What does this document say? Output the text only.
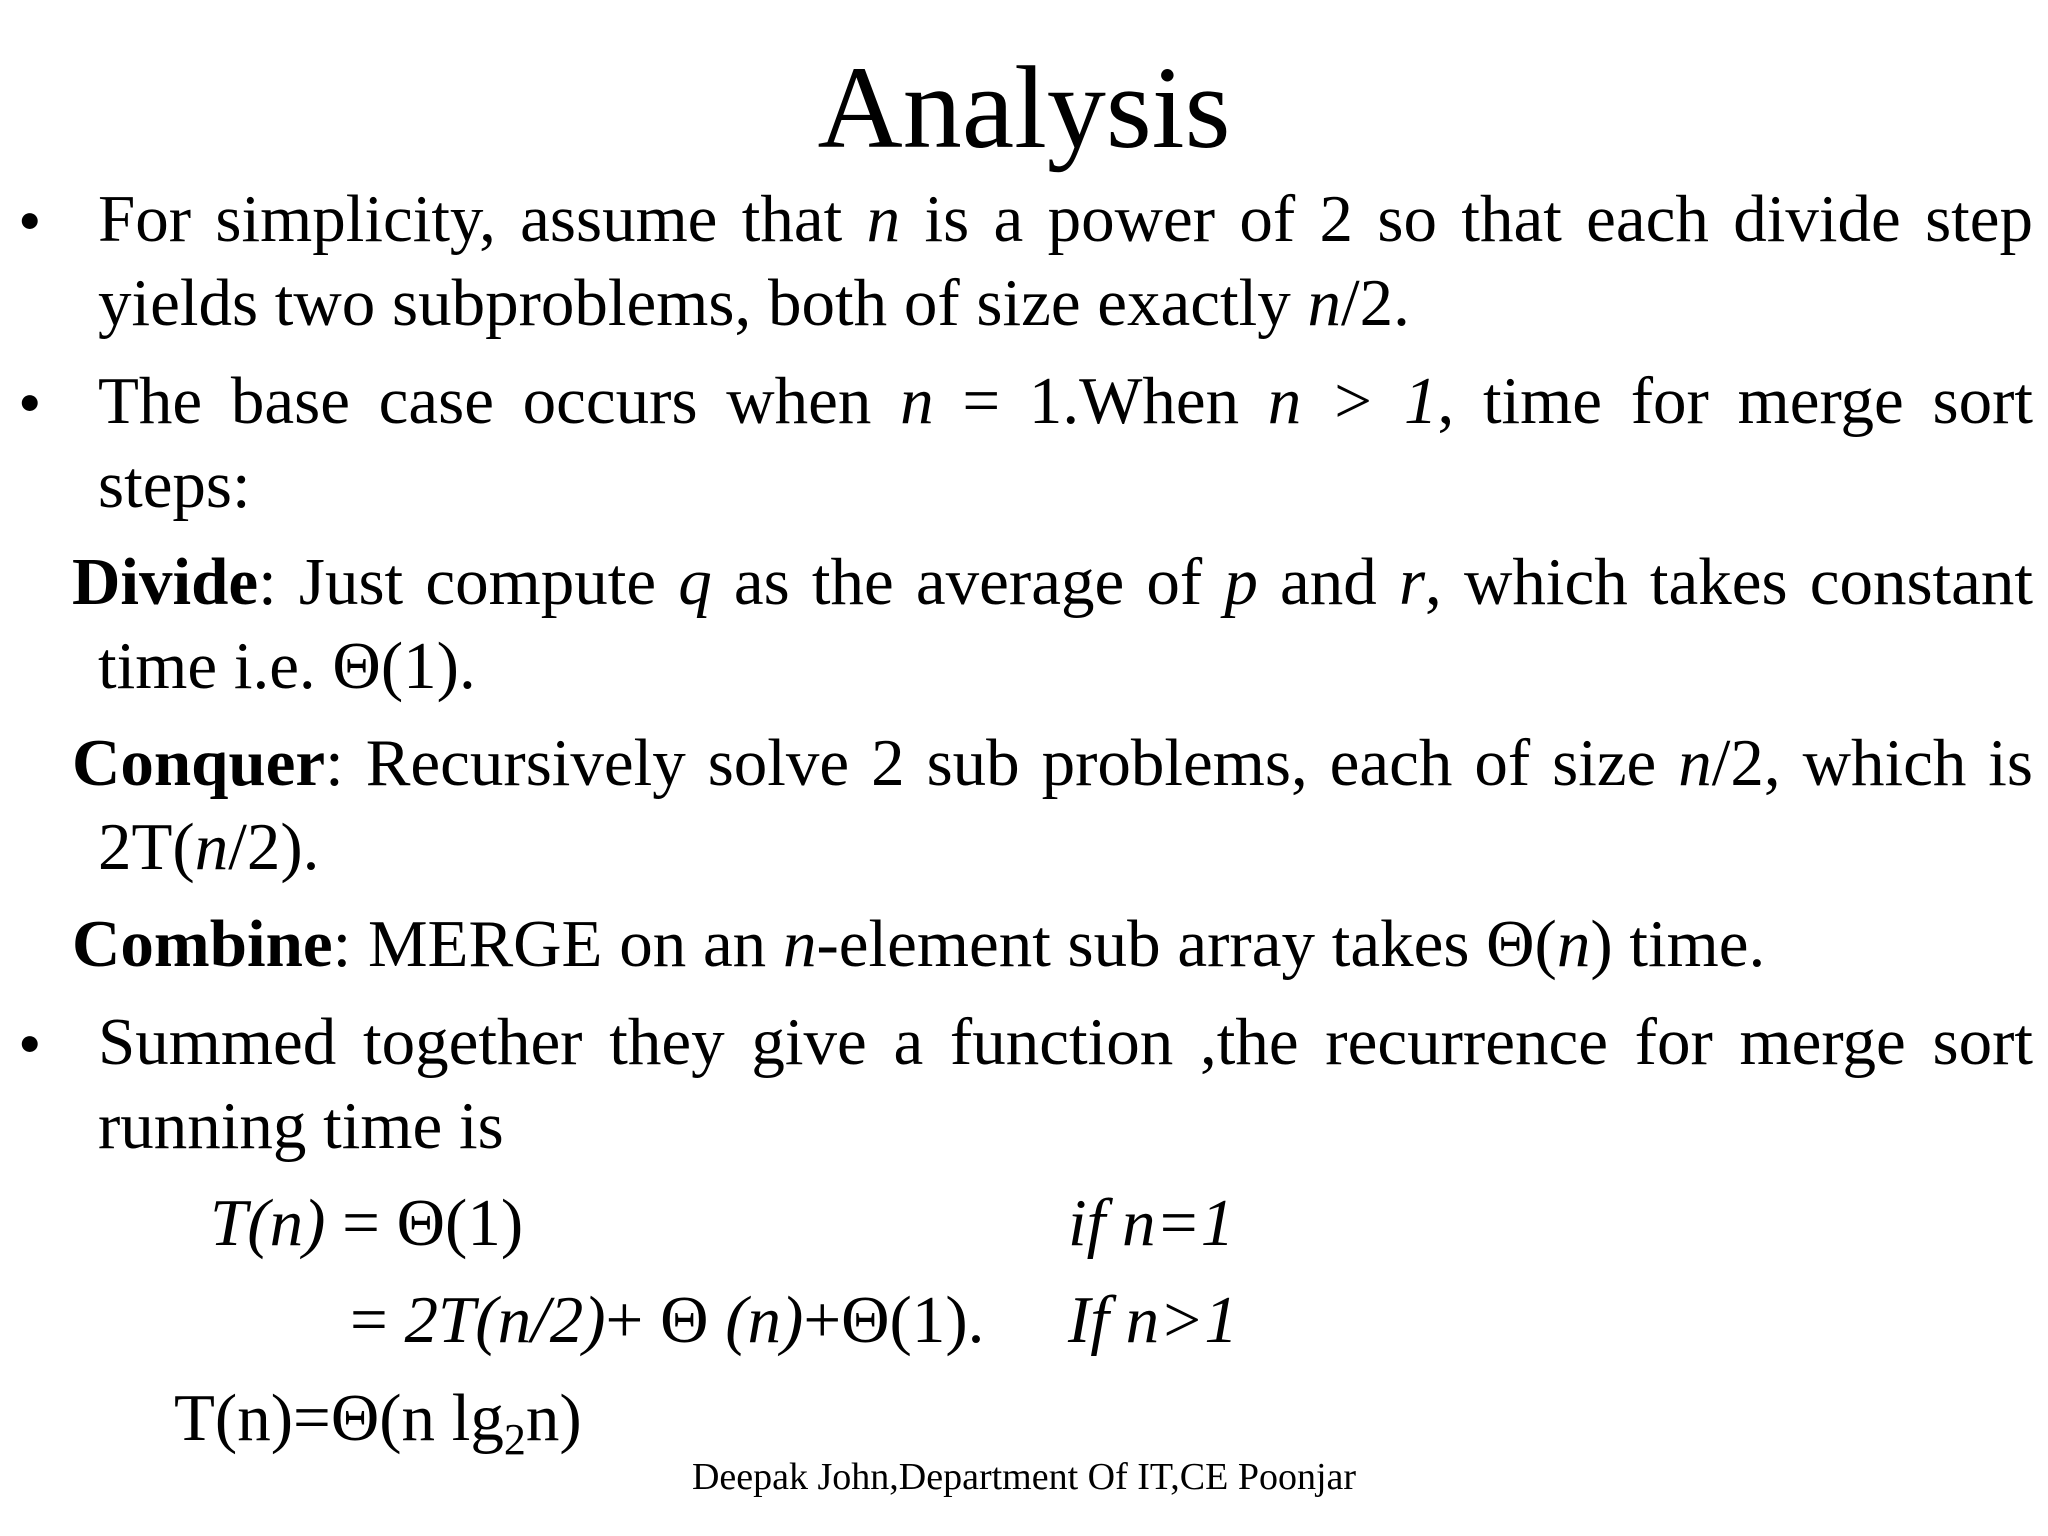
Analysis
• For simplicity, assume that n is a power of 2 so that each divide step
yields two subproblems, both of size exactly n/2.
• The base case occurs when n = 1.When n > 1, time for merge sort
steps:
Divide: Just compute q as the average of p and r, which takes constant
time i.e. Θ(1).
Conquer: Recursively solve 2 sub problems, each of size n/2, which is
2T(n/2).
Combine: MERGE on an n-element sub array takes Θ(n) time.
• Summed together they give a function ,the recurrence for merge sort
running time is
T(n) = Θ(1)	if n=1
= 2T(n/2)+ Θ (n)+Θ(1). If n>1
T(n)=Θ(n $\lg_2n$)
Deepak John,Department Of IT,CE Poonjar
